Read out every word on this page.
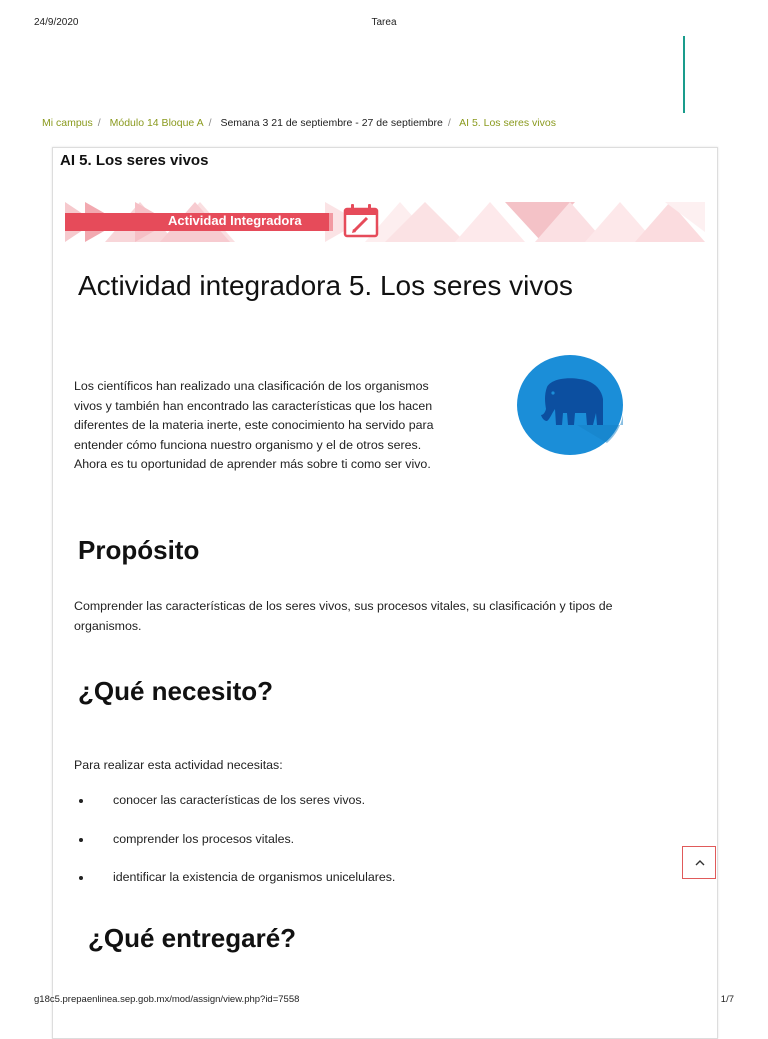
24/9/2020	Tarea
Mi campus / Módulo 14 Bloque A / Semana 3 21 de septiembre - 27 de septiembre / AI 5. Los seres vivos
AI 5. Los seres vivos
Actividad Integradora
Actividad integradora 5. Los seres vivos

Los científicos han realizado una clasificación de los organismos vivos y también han encontrado las características que los hacen diferentes de la materia inerte, este conocimiento ha servido para entender cómo funciona nuestro organismo y el de otros seres. Ahora es tu oportunidad de aprender más sobre ti como ser vivo.

Propósito

Comprender las características de los seres vivos, sus procesos vitales, su clasificación y tipos de organismos.

¿Qué necesito?

Para realizar esta actividad necesitas:

conocer las características de los seres vivos.
comprender los procesos vitales.
identificar la existencia de organismos unicelulares.
¿Qué entregaré?
g18c5.prepaenlinea.sep.gob.mx/mod/assign/view.php?id=7558	1/7
